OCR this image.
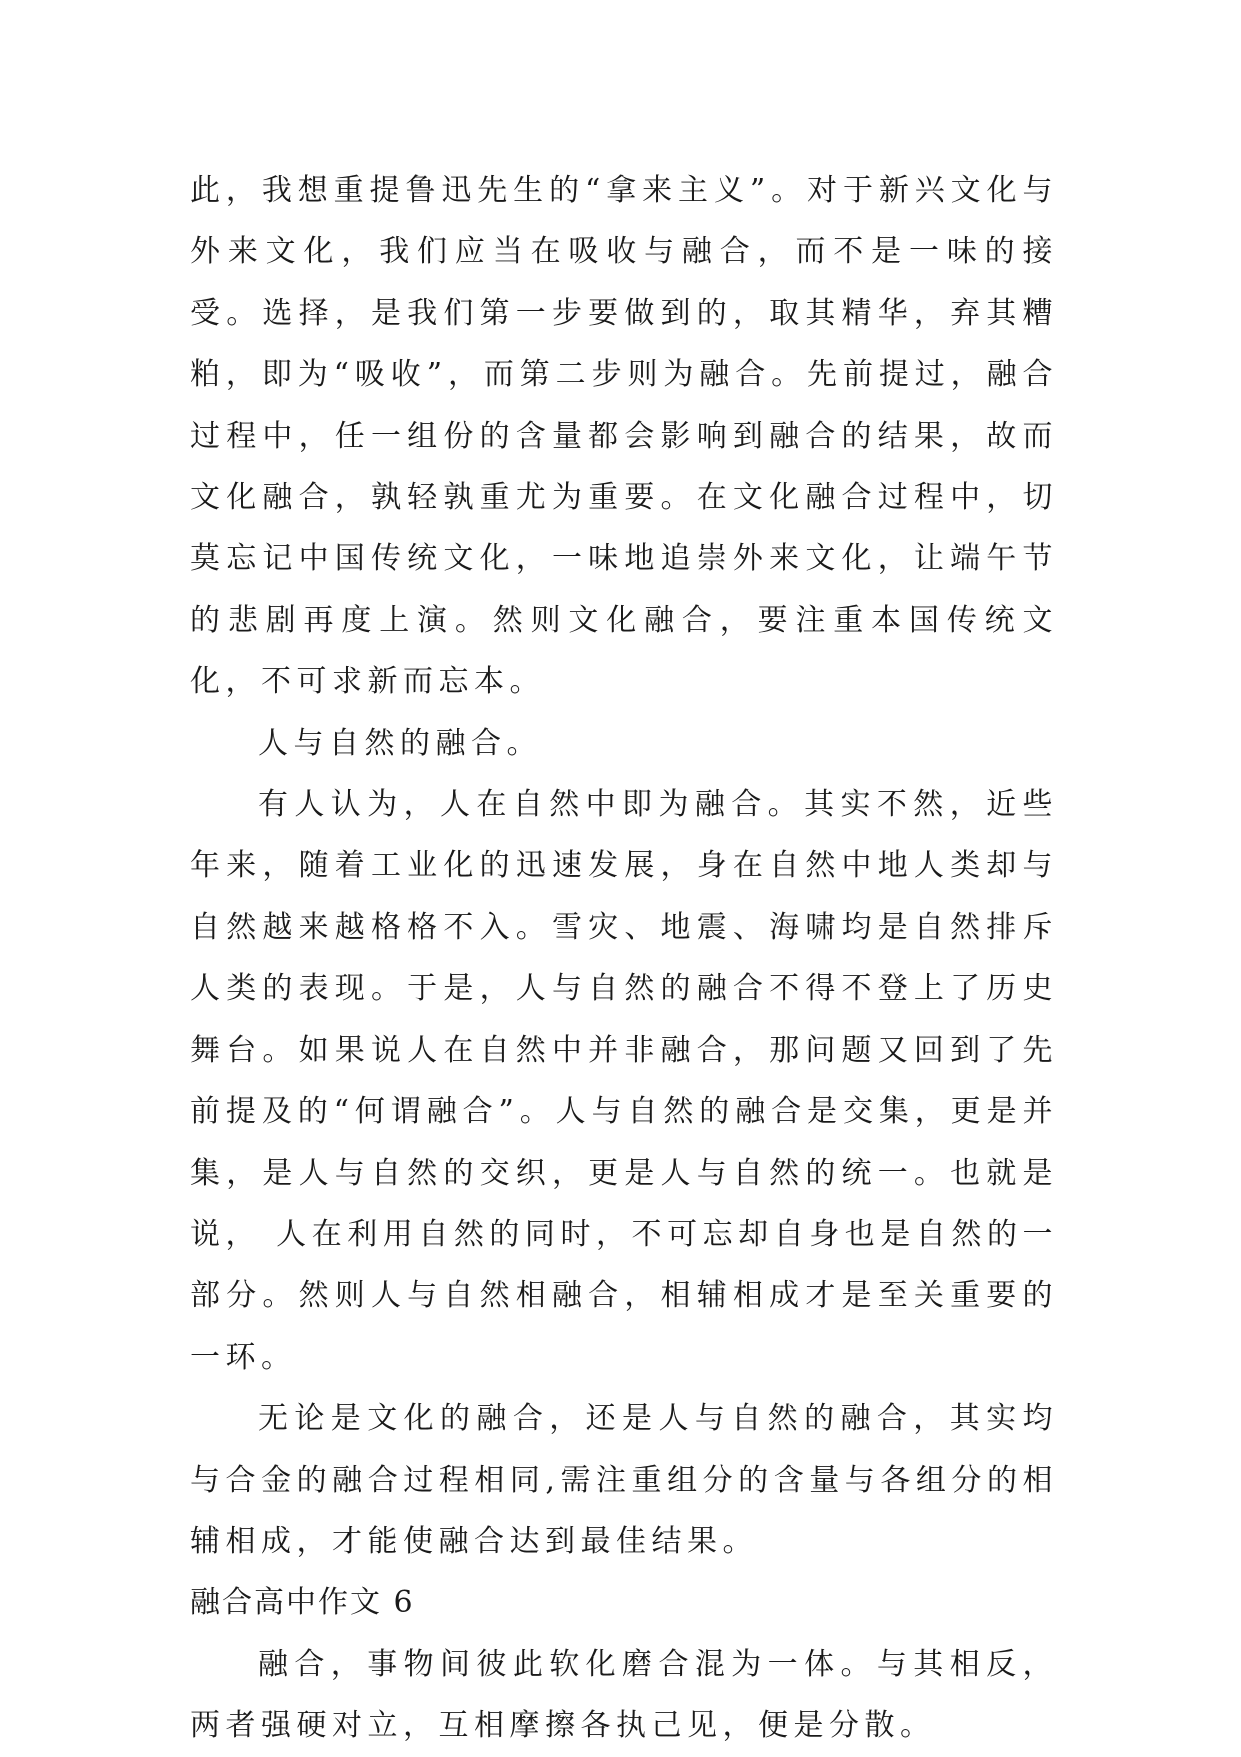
此，我想重提鲁迅先生的“拿来主义”。对于新兴文化与外来文化，我们应当在吸收与融合，而不是一味的接受。选择，是我们第一步要做到的，取其精华，弃其糟粕，即为“吸收”，而第二步则为融合。先前提过，融合过程中，任一组份的含量都会影响到融合的结果，故而文化融合，孰轻孰重尤为重要。在文化融合过程中，切莫忘记中国传统文化，一味地追崇外来文化，让端午节的悲剧再度上演。然则文化融合，要注重本国传统文化，不可求新而忘本。

人与自然的融合。

有人认为，人在自然中即为融合。其实不然，近些年来，随着工业化的迅速发展，身在自然中地人类却与自然越来越格格不入。雪灾、地震、海啸均是自然排斥人类的表现。于是，人与自然的融合不得不登上了历史舞台。如果说人在自然中并非融合，那问题又回到了先前提及的“何谓融合”。人与自然的融合是交集，更是并集，是人与自然的交织，更是人与自然的统一。也就是说， 人在利用自然的同时，不可忘却自身也是自然的一部分。然则人与自然相融合，相辅相成才是至关重要的一环。

无论是文化的融合，还是人与自然的融合，其实均与合金的融合过程相同,需注重组分的含量与各组分的相辅相成，才能使融合达到最佳结果。

融合高中作文 6

融合，事物间彼此软化磨合混为一体。与其相反，两者强硬对立，互相摩擦各执己见，便是分散。
